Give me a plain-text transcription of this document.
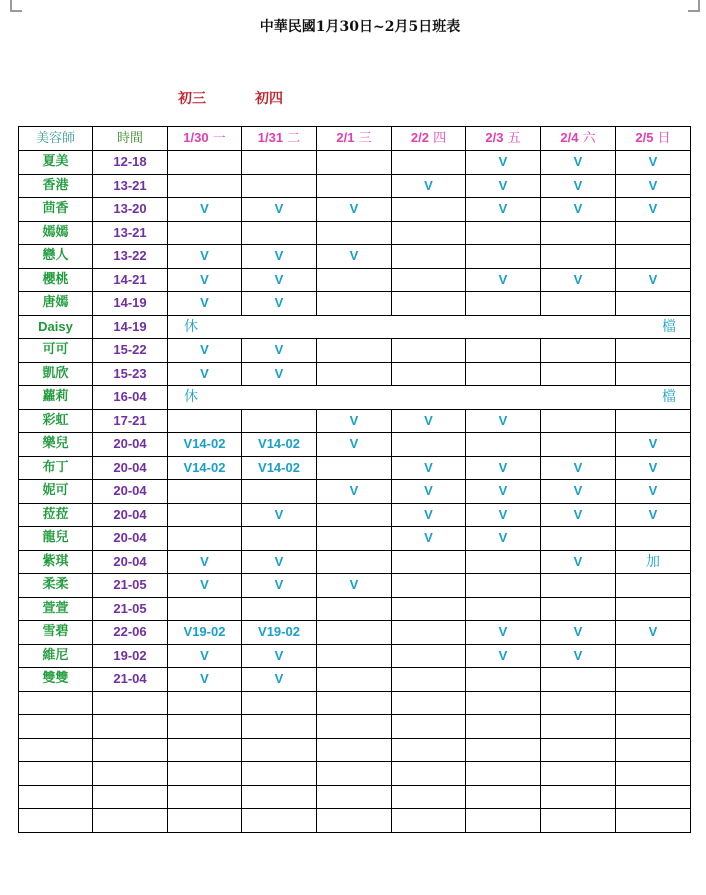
中華民國1月30日~2月5日班表
初三	初四
美容師	時間	1/30 一	1/31 二	2/1 三	2/2 四	2/3 五	2/4 六	2/5 日
夏美	12-18					V	V	V
香港	13-21				V	V	V	V
茴香	13-20	V	V	V		V	V	V
嫣嫣	13-21							
戀人	13-22	V	V	V				
櫻桃	14-21	V	V			V	V	V
唐嫣	14-19	V	V					
Daisy	14-19	休 檔						

可可	15-22	V	V					
凱欣	15-23	V	V					
蘿莉	16-04	休 檔						

彩虹	17-21			V	V	V		
樂兒	20-04	V14-02	V14-02	V				V
布丁	20-04	V14-02	V14-02		V	V	V	V
妮可	20-04			V	V	V	V	V
菈菈	20-04		V		V	V	V	V
龍兒	20-04				V	V		
紫琪	20-04	V	V				V	加
柔柔	21-05	V	V	V				
萱萱	21-05							
雪碧	22-06	V19-02	V19-02			V	V	V
維尼	19-02	V	V			V	V	
雙雙	21-04	V	V					
